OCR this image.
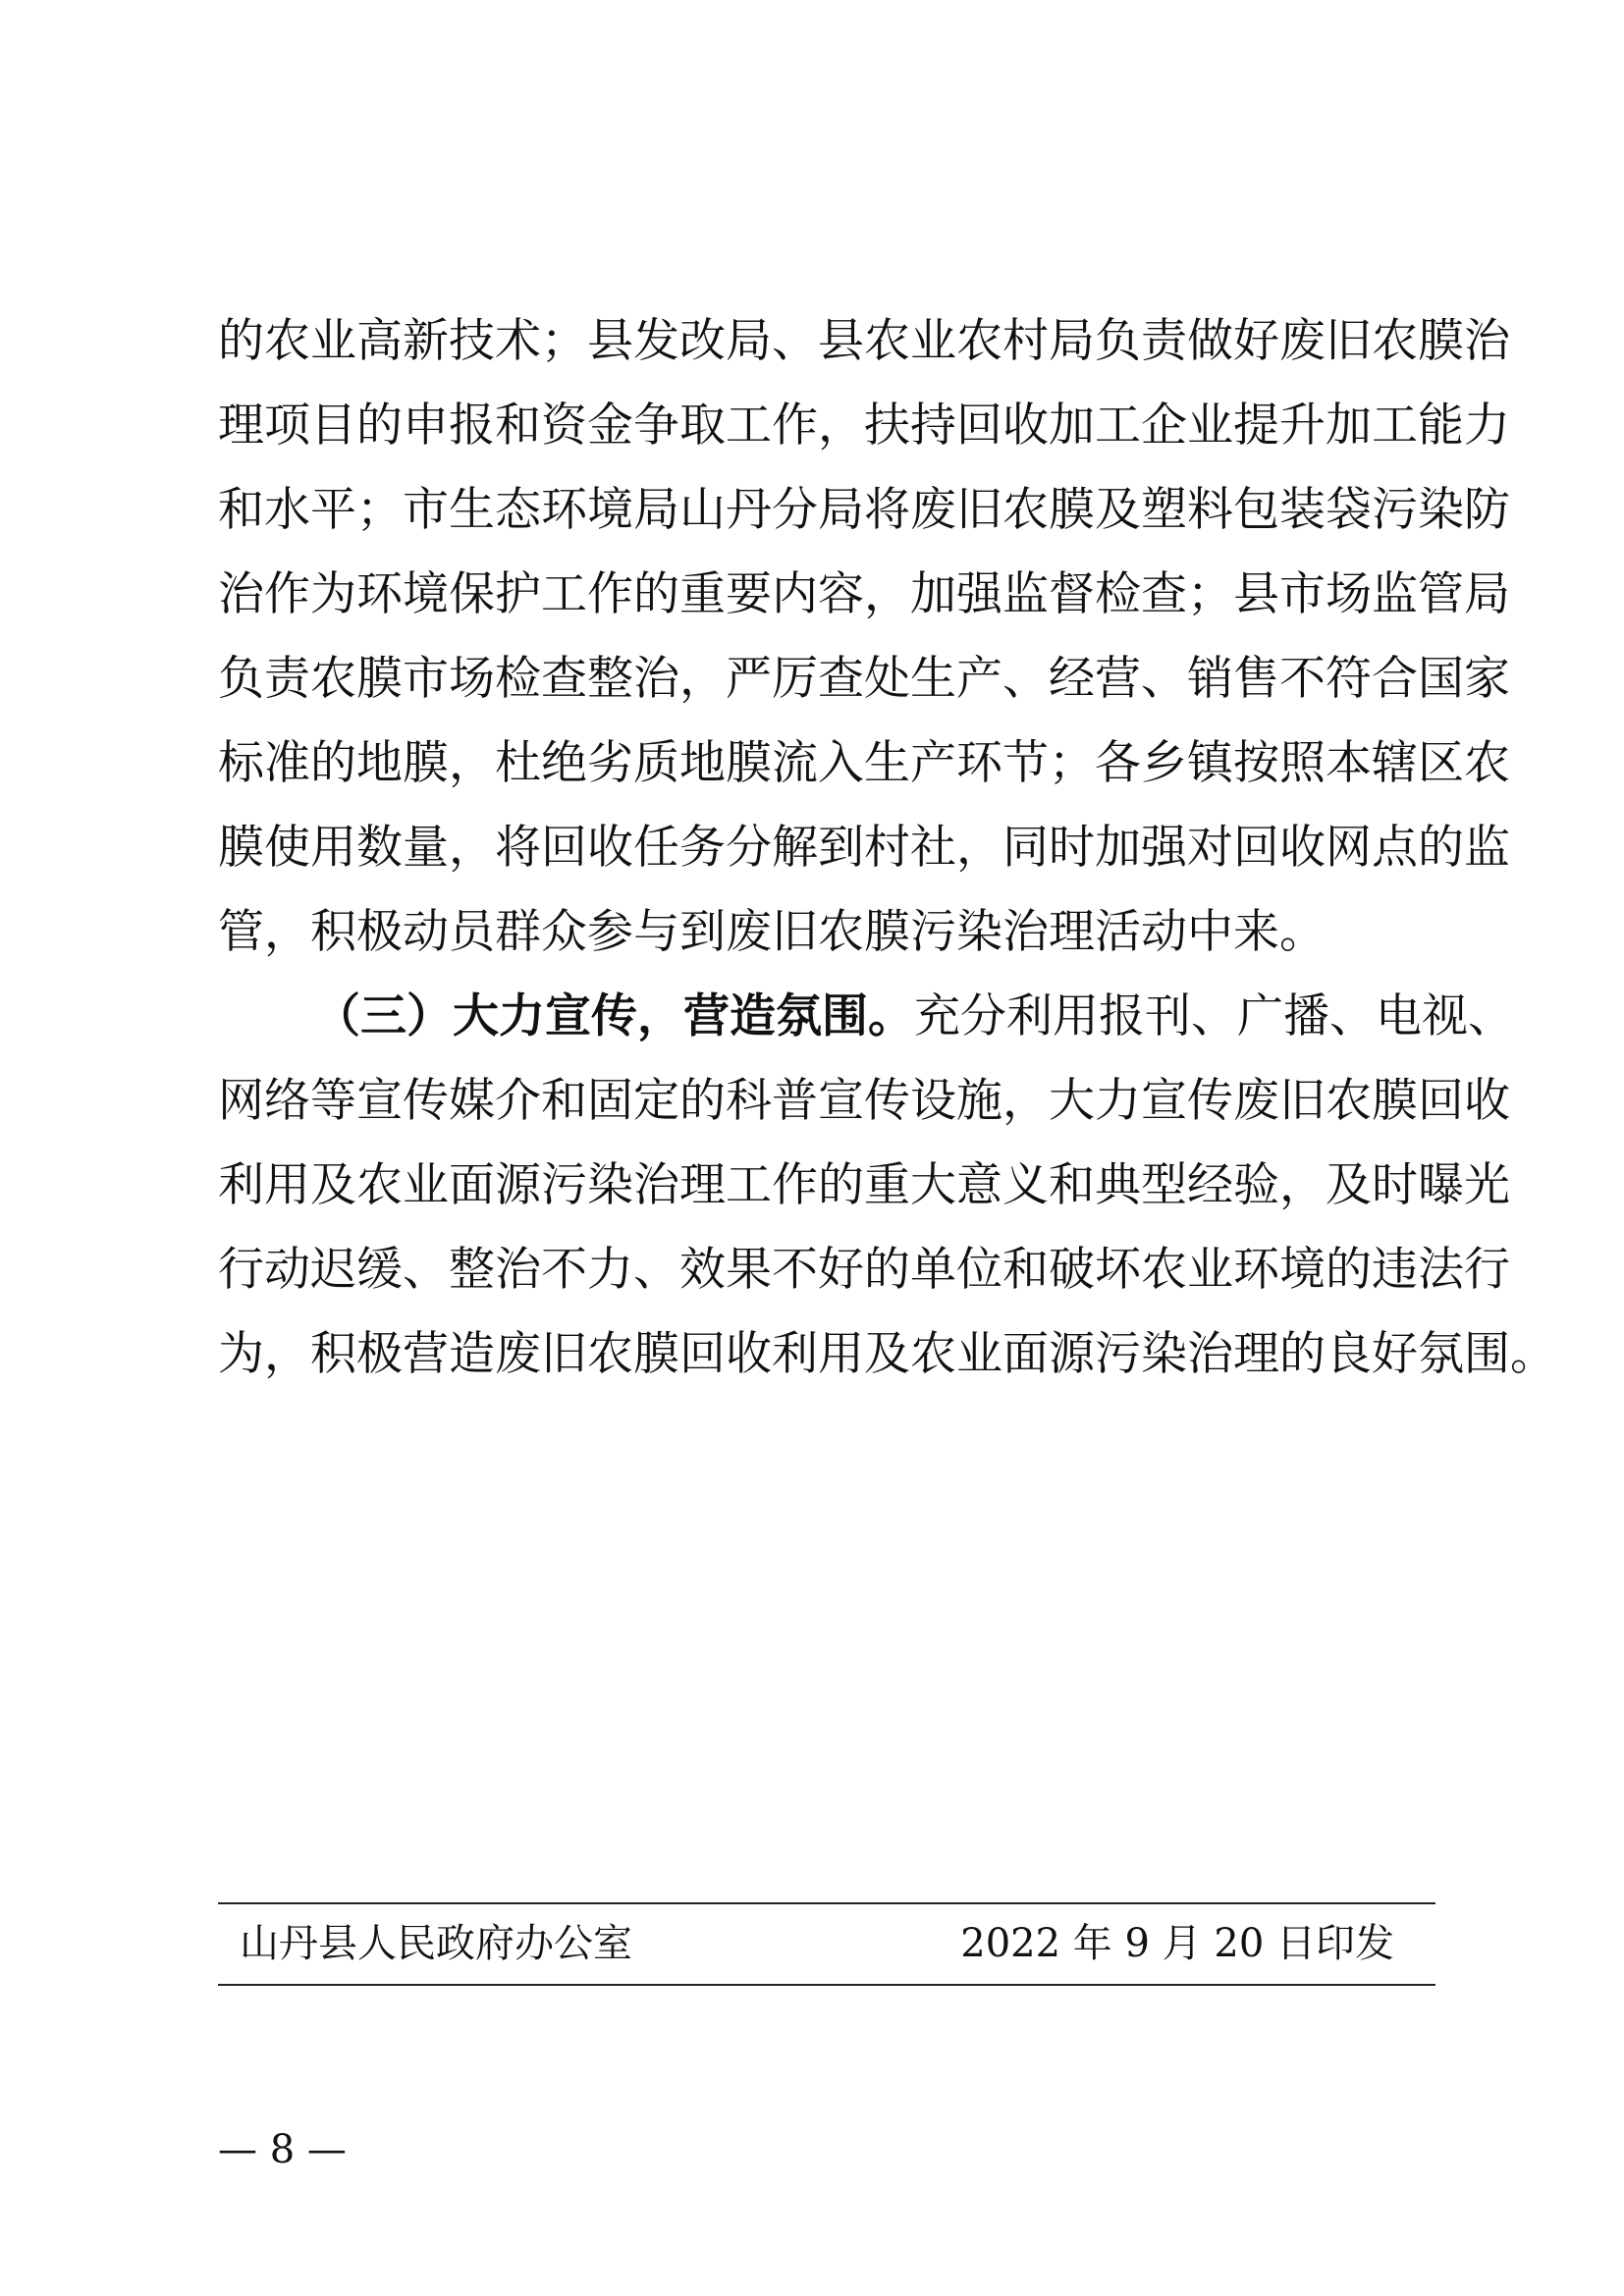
的农业高新技术；县发改局、县农业农村局负责做好废旧农膜治
理项目的申报和资金争取工作，扶持回收加工企业提升加工能力
和水平；市生态环境局山丹分局将废旧农膜及塑料包装袋污染防
治作为环境保护工作的重要内容，加强监督检查；县市场监管局
负责农膜市场检查整治，严厉查处生产、经营、销售不符合国家
标准的地膜，杜绝劣质地膜流入生产环节；各乡镇按照本辖区农
膜使用数量，将回收任务分解到村社，同时加强对回收网点的监
管，积极动员群众参与到废旧农膜污染治理活动中来。
（三）大力宣传，营造氛围。充分利用报刊、广播、电视、
网络等宣传媒介和固定的科普宣传设施，大力宣传废旧农膜回收
利用及农业面源污染治理工作的重大意义和典型经验，及时曝光
行动迟缓、整治不力、效果不好的单位和破坏农业环境的违法行
为，积极营造废旧农膜回收利用及农业面源污染治理的良好氛围。
山丹县人民政府办公室	2022 年 9 月 20 日印发
— 8 —
